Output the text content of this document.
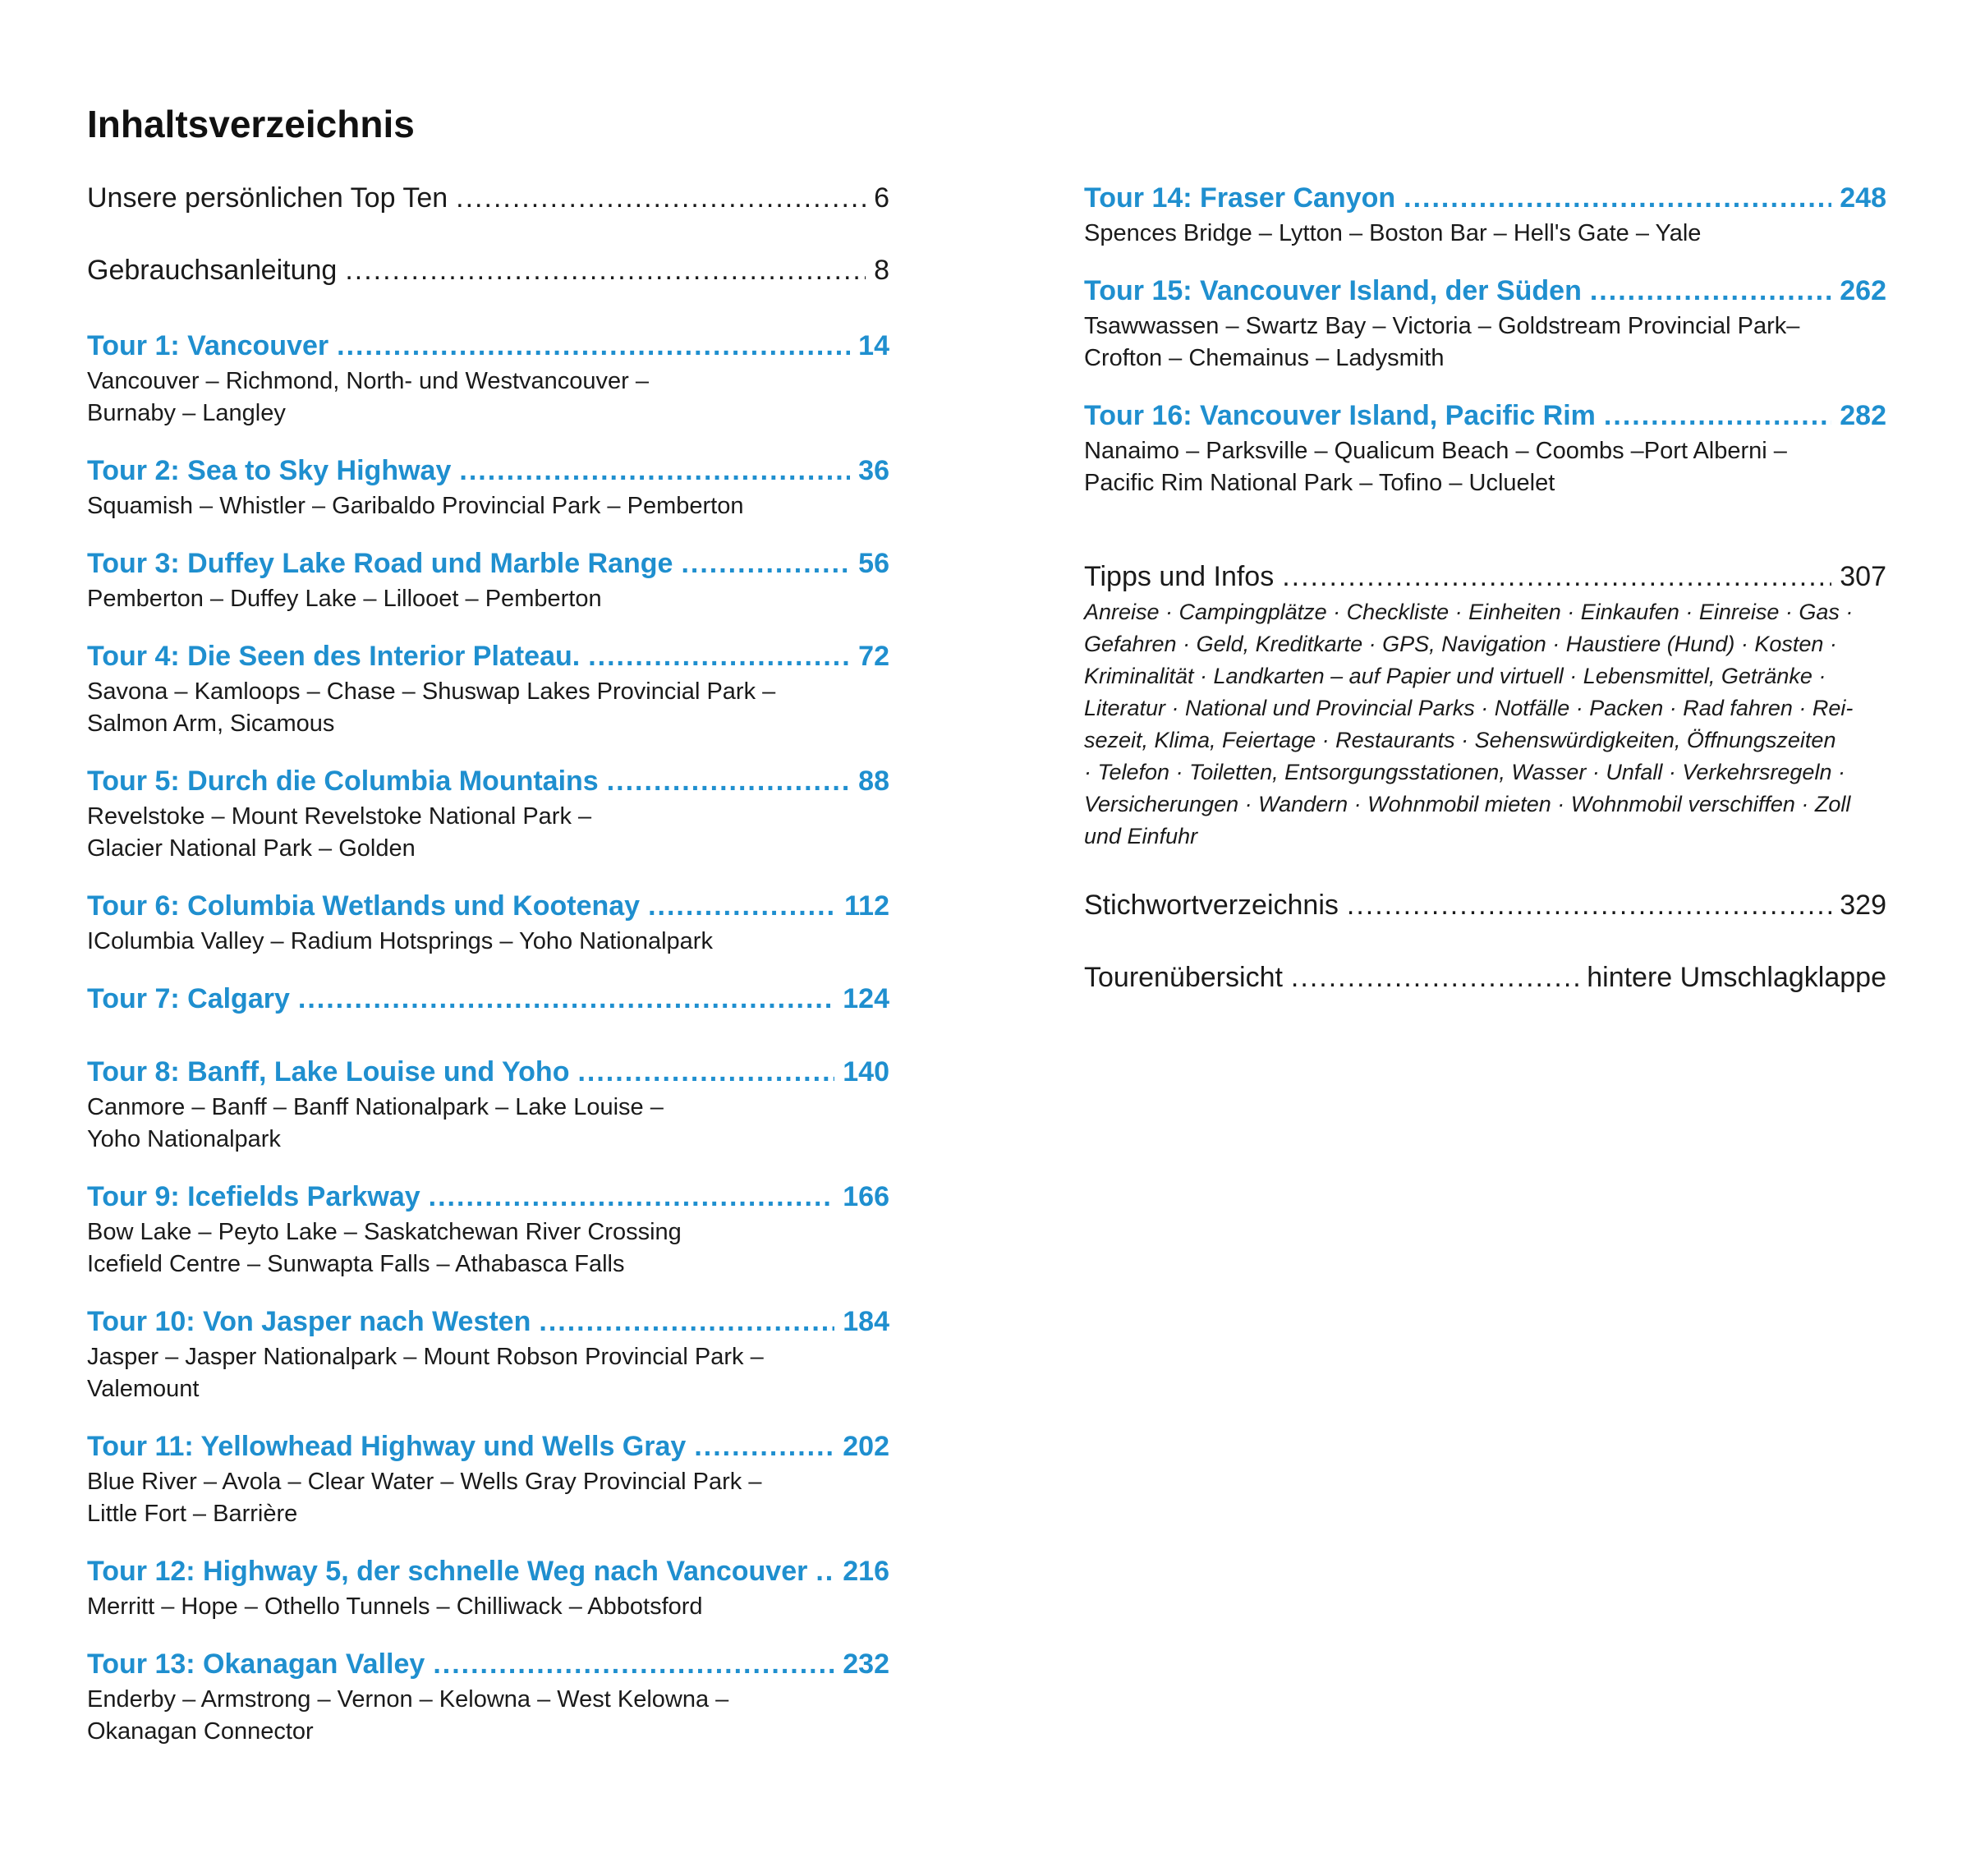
Inhaltsverzeichnis
Unsere persönlichen Top Ten .....	6
Gebrauchsanleitung .....	8
Tour 1: Vancouver .....	14
Vancouver – Richmond, North- und Westvancouver –
Burnaby – Langley
Tour 2: Sea to Sky Highway .....	36
Squamish – Whistler – Garibaldo Provincial Park – Pemberton
Tour 3: Duffey Lake Road und Marble Range .....	56
Pemberton – Duffey Lake – Lillooet – Pemberton
Tour 4: Die Seen des Interior Plateau. .....	72
Savona – Kamloops – Chase – Shuswap Lakes Provincial Park –
Salmon Arm, Sicamous
Tour 5: Durch die Columbia Mountains .....	88
Revelstoke – Mount Revelstoke National Park –
Glacier National Park – Golden
Tour 6: Columbia Wetlands und Kootenay .....	112
IColumbia Valley – Radium Hotsprings – Yoho Nationalpark
Tour 7: Calgary .....	124
Tour 8: Banff, Lake Louise und Yoho .....	140
Canmore – Banff – Banff Nationalpark – Lake Louise –
Yoho Nationalpark
Tour 9: Icefields Parkway .....	166
Bow Lake – Peyto Lake – Saskatchewan River Crossing
Icefield Centre – Sunwapta Falls – Athabasca Falls
Tour 10: Von Jasper nach Westen .....	184
Jasper – Jasper Nationalpark – Mount Robson Provincial Park –
Valemount
Tour 11: Yellowhead Highway und Wells Gray .....	202
Blue River – Avola – Clear Water – Wells Gray Provincial Park –
Little Fort – Barrière
Tour 12: Highway 5, der schnelle Weg nach Vancouver ..... 216
Merritt – Hope – Othello Tunnels – Chilliwack – Abbotsford
Tour 13: Okanagan Valley .....	232
Enderby – Armstrong – Vernon – Kelowna – West Kelowna –
Okanagan Connector
Tour 14: Fraser Canyon .....	248
Spences Bridge – Lytton – Boston Bar – Hell's Gate – Yale
Tour 15: Vancouver Island, der Süden .....	262
Tsawwassen – Swartz Bay – Victoria – Goldstream Provincial Park–
Crofton – Chemainus – Ladysmith
Tour 16: Vancouver Island, Pacific Rim .....	282
Nanaimo – Parksville – Qualicum Beach – Coombs –Port Alberni –
Pacific Rim National Park – Tofino – Ucluelet
Tipps und Infos .....	307
Anreise · Campingplätze · Checkliste · Einheiten · Einkaufen · Einreise · Gas ·
Gefahren · Geld, Kreditkarte · GPS, Navigation · Haustiere (Hund) · Kosten ·
Kriminalität · Landkarten – auf Papier und virtuell · Lebensmittel, Getränke ·
Literatur · National und Provincial Parks · Notfälle · Packen · Rad fahren · Rei-
sezeit, Klima, Feiertage · Restaurants · Sehenswürdigkeiten, Öffnungszeiten
· Telefon · Toiletten, Entsorgungsstationen, Wasser · Unfall · Verkehrsregeln ·
Versicherungen · Wandern · Wohnmobil mieten · Wohnmobil verschiffen · Zoll
und Einfuhr
Stichwortverzeichnis .....	329
Tourenübersicht .....	hintere Umschlagklappe
